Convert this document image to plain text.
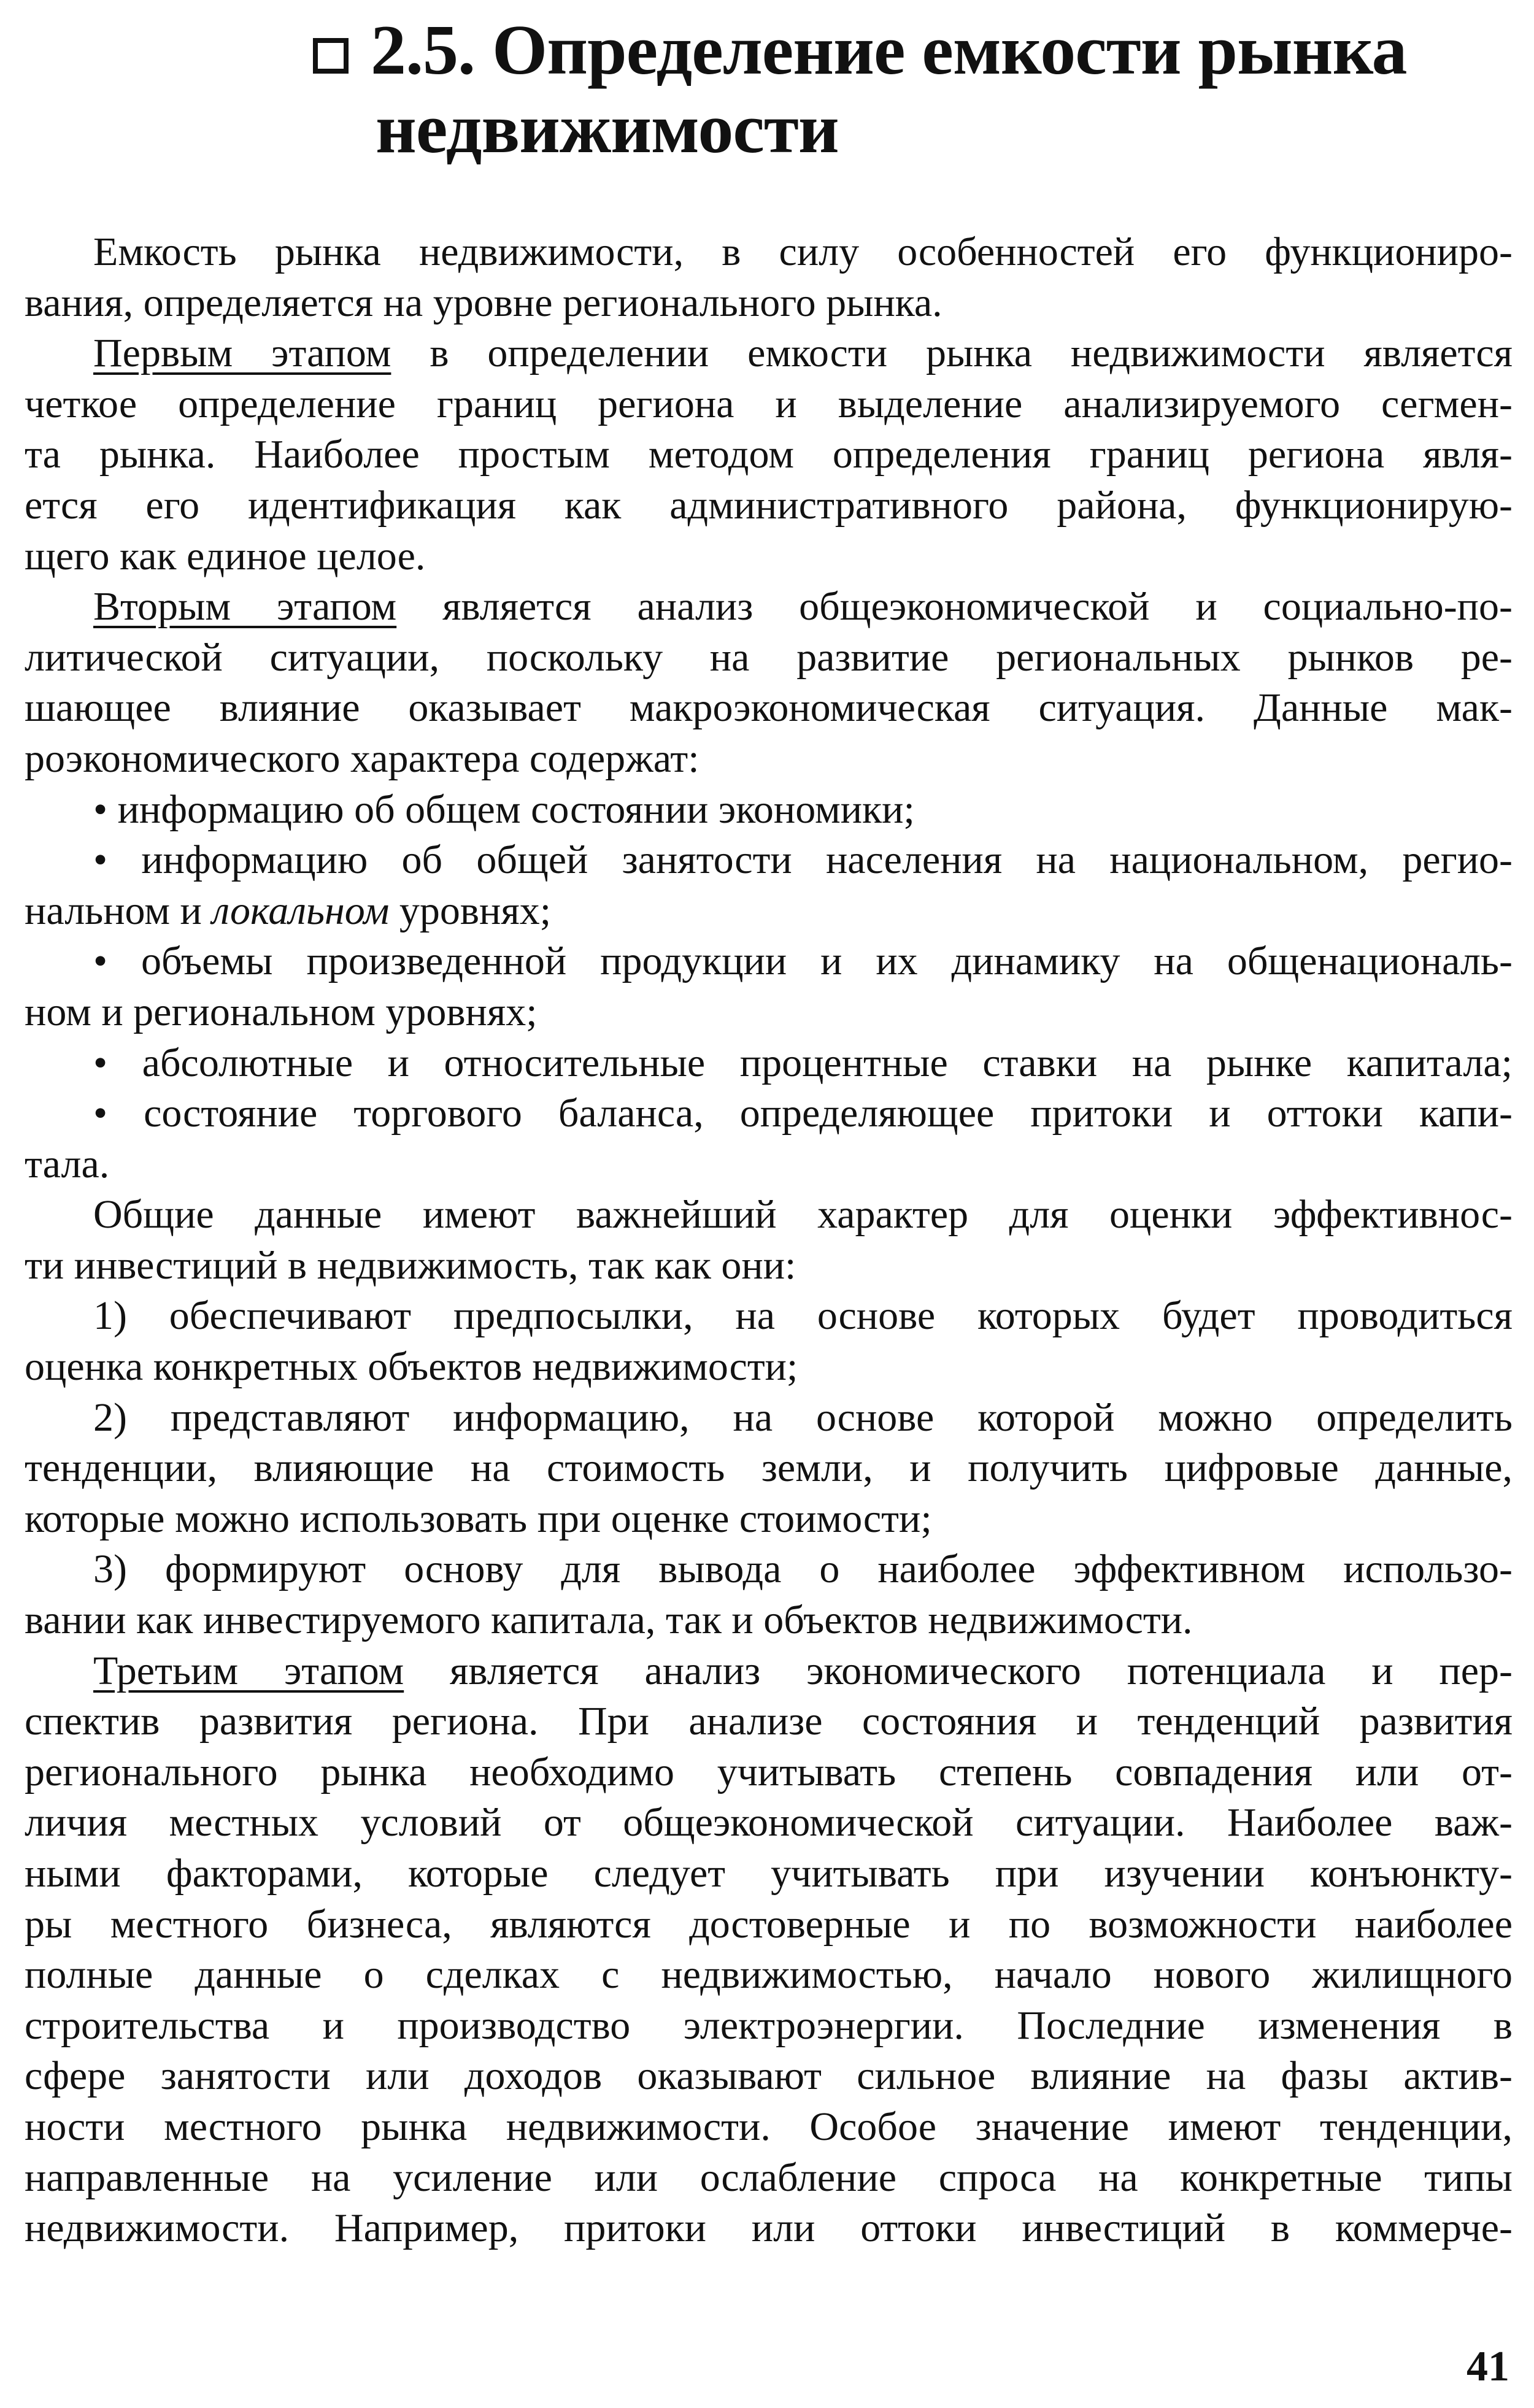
2.5. Определение емкости рынка
недвижимости
Емкость рынка недвижимости, в силу особенностей его функциониро-
вания, определяется на уровне регионального рынка.
Первым этапом в определении емкости рынка недвижимости является
четкое определение границ региона и выделение анализируемого сегмен-
та рынка. Наиболее простым методом определения границ региона явля-
ется его идентификация как административного района, функционирую-
щего как единое целое.
Вторым этапом является анализ общеэкономической и социально-по-
литической ситуации, поскольку на развитие региональных рынков ре-
шающее влияние оказывает макроэкономическая ситуация. Данные мак-
роэкономического характера содержат:
• информацию об общем состоянии экономики;
• информацию об общей занятости населения на национальном, регио-
нальном и локальном уровнях;
• объемы произведенной продукции и их динамику на общенациональ-
ном и региональном уровнях;
• абсолютные и относительные процентные ставки на рынке капитала;
• состояние торгового баланса, определяющее притоки и оттоки капи-
тала.
Общие данные имеют важнейший характер для оценки эффективнос-
ти инвестиций в недвижимость, так как они:
1) обеспечивают предпосылки, на основе которых будет проводиться
оценка конкретных объектов недвижимости;
2) представляют информацию, на основе которой можно определить
тенденции, влияющие на стоимость земли, и получить цифровые данные,
которые можно использовать при оценке стоимости;
3) формируют основу для вывода о наиболее эффективном использо-
вании как инвестируемого капитала, так и объектов недвижимости.
Третьим этапом является анализ экономического потенциала и пер-
спектив развития региона. При анализе состояния и тенденций развития
регионального рынка необходимо учитывать степень совпадения или от-
личия местных условий от общеэкономической ситуации. Наиболее важ-
ными факторами, которые следует учитывать при изучении конъюнкту-
ры местного бизнеса, являются достоверные и по возможности наиболее
полные данные о сделках с недвижимостью, начало нового жилищного
строительства и производство электроэнергии. Последние изменения в
сфере занятости или доходов оказывают сильное влияние на фазы актив-
ности местного рынка недвижимости. Особое значение имеют тенденции,
направленные на усиление или ослабление спроса на конкретные типы
недвижимости. Например, притоки или оттоки инвестиций в коммерче-
41
